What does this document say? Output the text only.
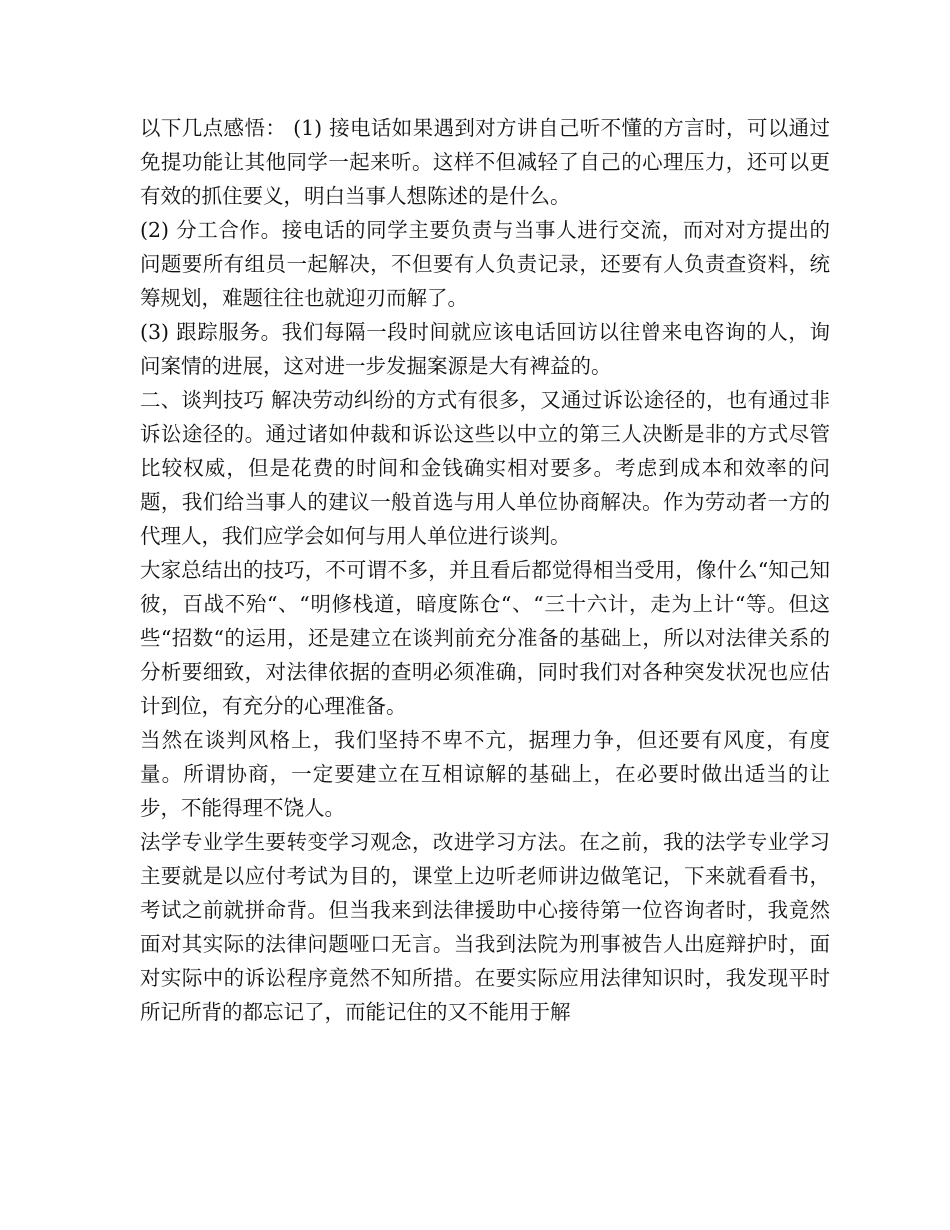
以下几点感悟： (1) 接电话如果遇到对方讲自己听不懂的方言时，可以通过免提功能让其他同学一起来听。这样不但减轻了自己的心理压力，还可以更有效的抓住要义，明白当事人想陈述的是什么。

(2) 分工合作。接电话的同学主要负责与当事人进行交流，而对对方提出的问题要所有组员一起解决，不但要有人负责记录，还要有人负责查资料，统筹规划，难题往往也就迎刃而解了。

(3) 跟踪服务。我们每隔一段时间就应该电话回访以往曾来电咨询的人，询问案情的进展，这对进一步发掘案源是大有裨益的。

二、谈判技巧 解决劳动纠纷的方式有很多，又通过诉讼途径的，也有通过非诉讼途径的。通过诸如仲裁和诉讼这些以中立的第三人决断是非的方式尽管比较权威，但是花费的时间和金钱确实相对要多。考虑到成本和效率的问题，我们给当事人的建议一般首选与用人单位协商解决。作为劳动者一方的代理人，我们应学会如何与用人单位进行谈判。

大家总结出的技巧，不可谓不多，并且看后都觉得相当受用，像什么“知己知彼，百战不殆“、“明修栈道，暗度陈仓“、“三十六计，走为上计“等。但这些“招数“的运用，还是建立在谈判前充分准备的基础上，所以对法律关系的分析要细致，对法律依据的查明必须准确，同时我们对各种突发状况也应估计到位，有充分的心理准备。

当然在谈判风格上，我们坚持不卑不亢，据理力争，但还要有风度，有度量。所谓协商，一定要建立在互相谅解的基础上，在必要时做出适当的让步，不能得理不饶人。

法学专业学生要转变学习观念，改进学习方法。在之前，我的法学专业学习主要就是以应付考试为目的，课堂上边听老师讲边做笔记，下来就看看书，考试之前就拼命背。但当我来到法律援助中心接待第一位咨询者时，我竟然面对其实际的法律问题哑口无言。当我到法院为刑事被告人出庭辩护时，面对实际中的诉讼程序竟然不知所措。在要实际应用法律知识时，我发现平时所记所背的都忘记了，而能记住的又不能用于解
